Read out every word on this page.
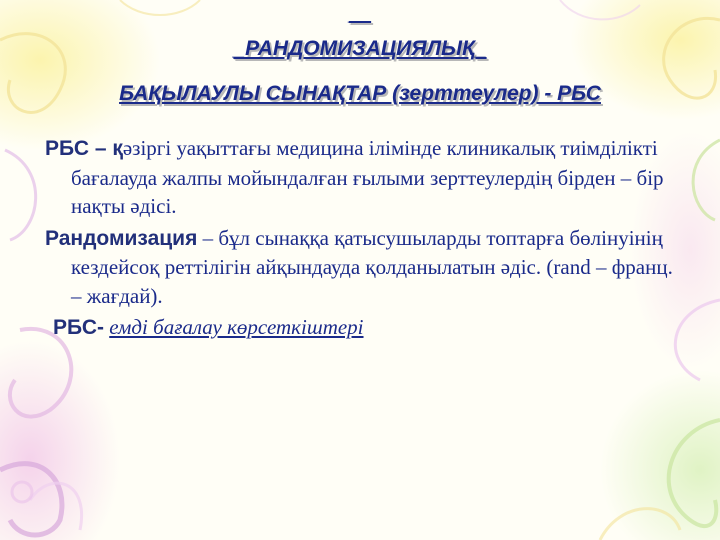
__
_РАНДОМИЗАЦИЯЛЫҚ_
БАҚЫЛАУЛЫ СЫНАҚТАР (зерттеулер) - РБС

РБС – қәзіргі уақыттағы медицина ілімінде клиникалық тиімділікті бағалауда жалпы мойындалған ғылыми зерттеулердің бірден – бір нақты әдісі.

Рандомизация – бұл сынаққа қатысушыларды топтарға бөлінуінің кездейсоқ реттілігін айқындауда қолданылатын әдіс. (rand – франц. – жағдай).

РБС- емді бағалау көрсеткіштері
